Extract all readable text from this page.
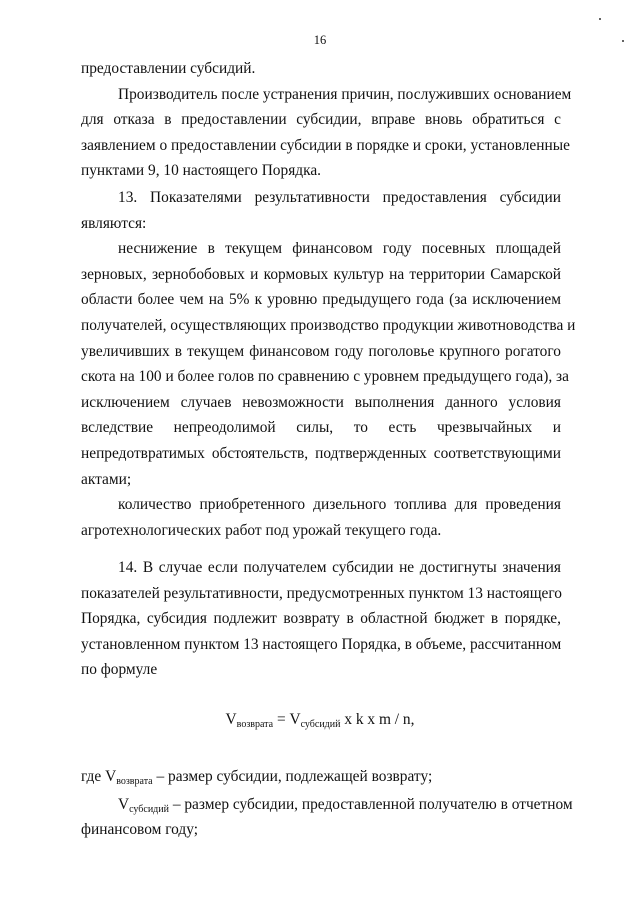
16
предоставлении субсидий.
Производитель после устранения причин, послуживших основанием
для отказа в предоставлении субсидии, вправе вновь обратиться с
заявлением о предоставлении субсидии в порядке и сроки, установленные
пунктами 9, 10 настоящего Порядка.
13. Показателями результативности предоставления субсидии
являются:
неснижение в текущем финансовом году посевных площадей
зерновых, зернобобовых и кормовых культур на территории Самарской
области более чем на 5% к уровню предыдущего года (за исключением
получателей, осуществляющих производство продукции животноводства и
увеличивших в текущем финансовом году поголовье крупного рогатого
скота на 100 и более голов по сравнению с уровнем предыдущего года), за
исключением случаев невозможности выполнения данного условия
вследствие непреодолимой силы, то есть чрезвычайных и
непредотвратимых обстоятельств, подтвержденных соответствующими
актами;
количество приобретенного дизельного топлива для проведения
агротехнологических работ под урожай текущего года.
14. В случае если получателем субсидии не достигнуты значения
показателей результативности, предусмотренных пунктом 13 настоящего
Порядка, субсидия подлежит возврату в областной бюджет в порядке,
установленном пунктом 13 настоящего Порядка, в объеме, рассчитанном
по формуле
$V_{возврата} = V_{субсидий}$ x k x m / n,
где $V_{возврата}$ – размер субсидии, подлежащей возврату;
$V_{субсидий}$ – размер субсидии, предоставленной получателю в отчетном
финансовом году;
